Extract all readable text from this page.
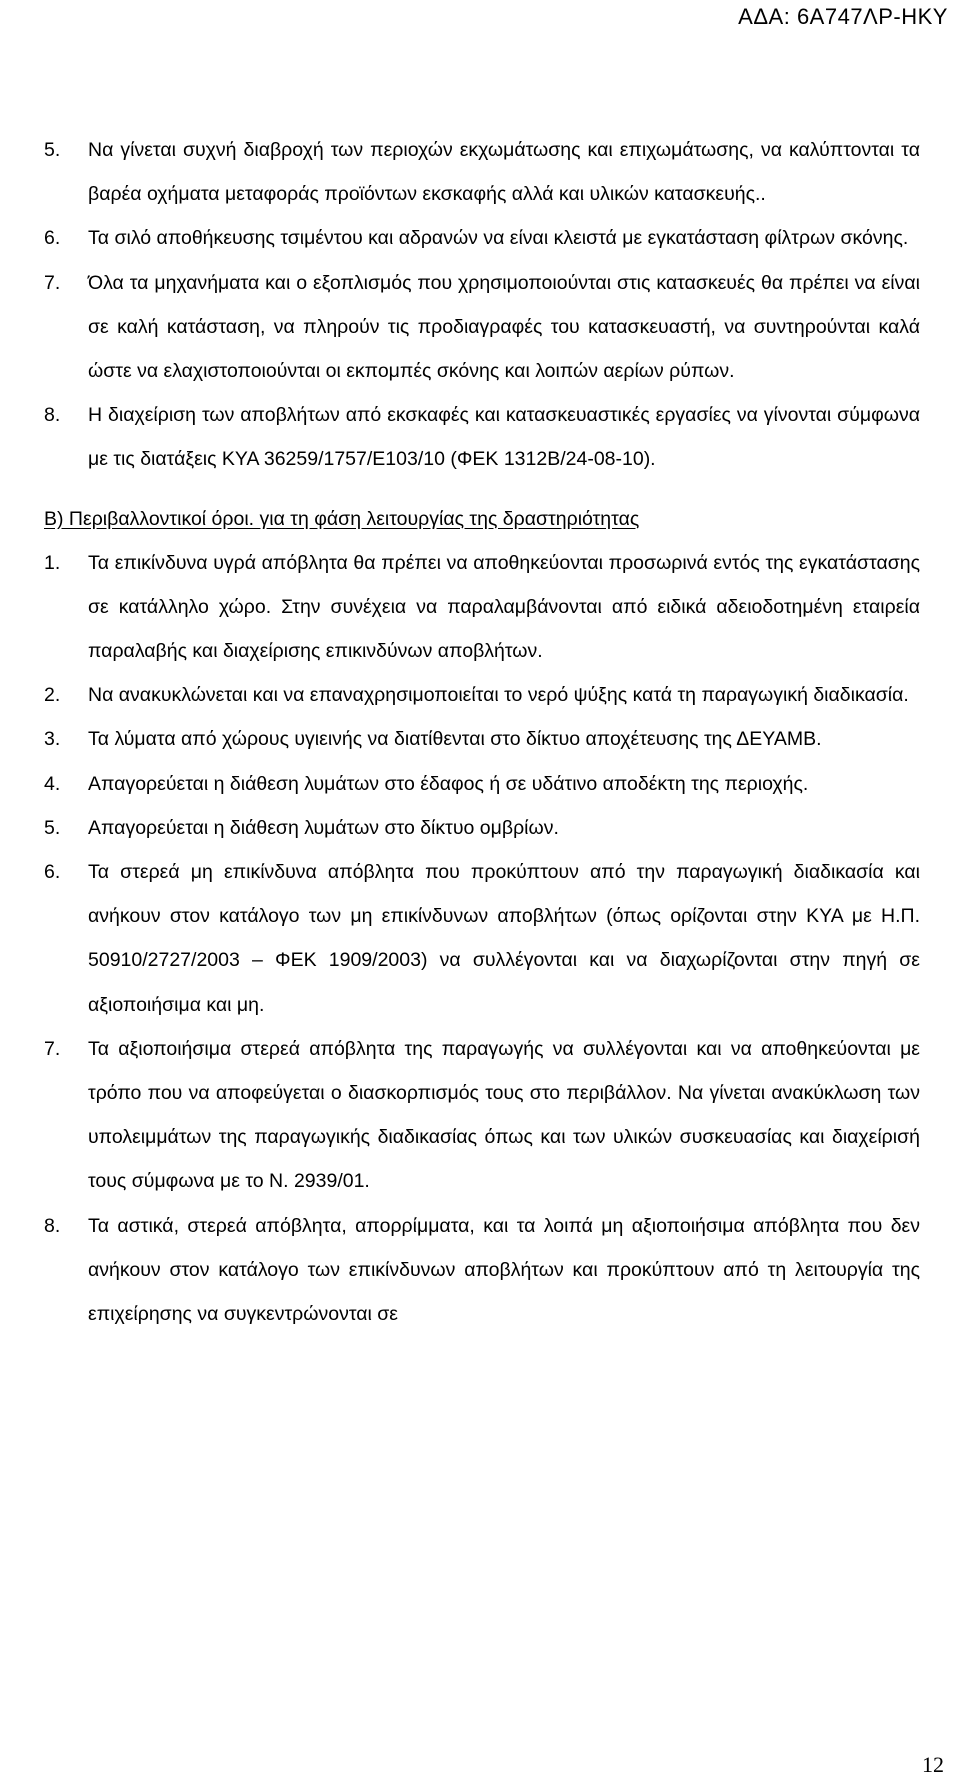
ΑΔΑ: 6Α747ΛΡ-ΗΚΥ
5.	Να γίνεται συχνή διαβροχή των περιοχών εκχωμάτωσης και επιχωμάτωσης, να καλύπτονται τα βαρέα οχήματα μεταφοράς προϊόντων εκσκαφής αλλά και υλικών κατασκευής..
6.	Τα σιλό αποθήκευσης τσιμέντου και αδρανών να είναι κλειστά με εγκατάσταση φίλτρων σκόνης.
7.	Όλα τα μηχανήματα και ο εξοπλισμός που χρησιμοποιούνται στις κατασκευές θα πρέπει να είναι σε καλή κατάσταση, να πληρούν τις προδιαγραφές του κατασκευαστή, να συντηρούνται καλά ώστε να ελαχιστοποιούνται οι εκπομπές σκόνης και λοιπών αερίων ρύπων.
8.	Η διαχείριση των αποβλήτων από εκσκαφές και κατασκευαστικές εργασίες να γίνονται σύμφωνα με τις διατάξεις ΚΥΑ 36259/1757/Ε103/10 (ΦΕΚ 1312Β/24-08-10).
Β) Περιβαλλοντικοί όροι. για τη φάση λειτουργίας της δραστηριότητας
1.	Τα επικίνδυνα υγρά απόβλητα θα πρέπει να αποθηκεύονται προσωρινά εντός της εγκατάστασης σε κατάλληλο χώρο. Στην συνέχεια να παραλαμβάνονται από ειδικά αδειοδοτημένη εταιρεία παραλαβής και διαχείρισης επικινδύνων αποβλήτων.
2.	Να ανακυκλώνεται και να επαναχρησιμοποιείται το νερό ψύξης κατά τη παραγωγική διαδικασία.
3.	Τα λύματα από χώρους υγιεινής να διατίθενται στο δίκτυο αποχέτευσης της ΔΕΥΑΜΒ.
4.	Απαγορεύεται η διάθεση λυμάτων στο έδαφος ή σε υδάτινο αποδέκτη της περιοχής.
5.	Απαγορεύεται η διάθεση λυμάτων στο δίκτυο ομβρίων.
6.	Τα στερεά μη επικίνδυνα απόβλητα που προκύπτουν από την παραγωγική διαδικασία και ανήκουν στον κατάλογο των μη επικίνδυνων αποβλήτων (όπως ορίζονται στην ΚΥΑ με Η.Π. 50910/2727/2003 – ΦΕΚ 1909/2003) να συλλέγονται και να διαχωρίζονται στην πηγή σε αξιοποιήσιμα και μη.
7.	Τα αξιοποιήσιμα στερεά απόβλητα της παραγωγής να συλλέγονται και να αποθηκεύονται με τρόπο που να αποφεύγεται ο διασκορπισμός τους στο περιβάλλον. Να γίνεται ανακύκλωση των υπολειμμάτων της παραγωγικής διαδικασίας όπως και των υλικών συσκευασίας και διαχείρισή τους σύμφωνα με το Ν. 2939/01.
8.	Τα αστικά, στερεά απόβλητα, απορρίμματα, και τα λοιπά μη αξιοποιήσιμα απόβλητα που δεν ανήκουν στον κατάλογο των επικίνδυνων αποβλήτων και προκύπτουν από τη λειτουργία της επιχείρησης να συγκεντρώνονται σε
12
